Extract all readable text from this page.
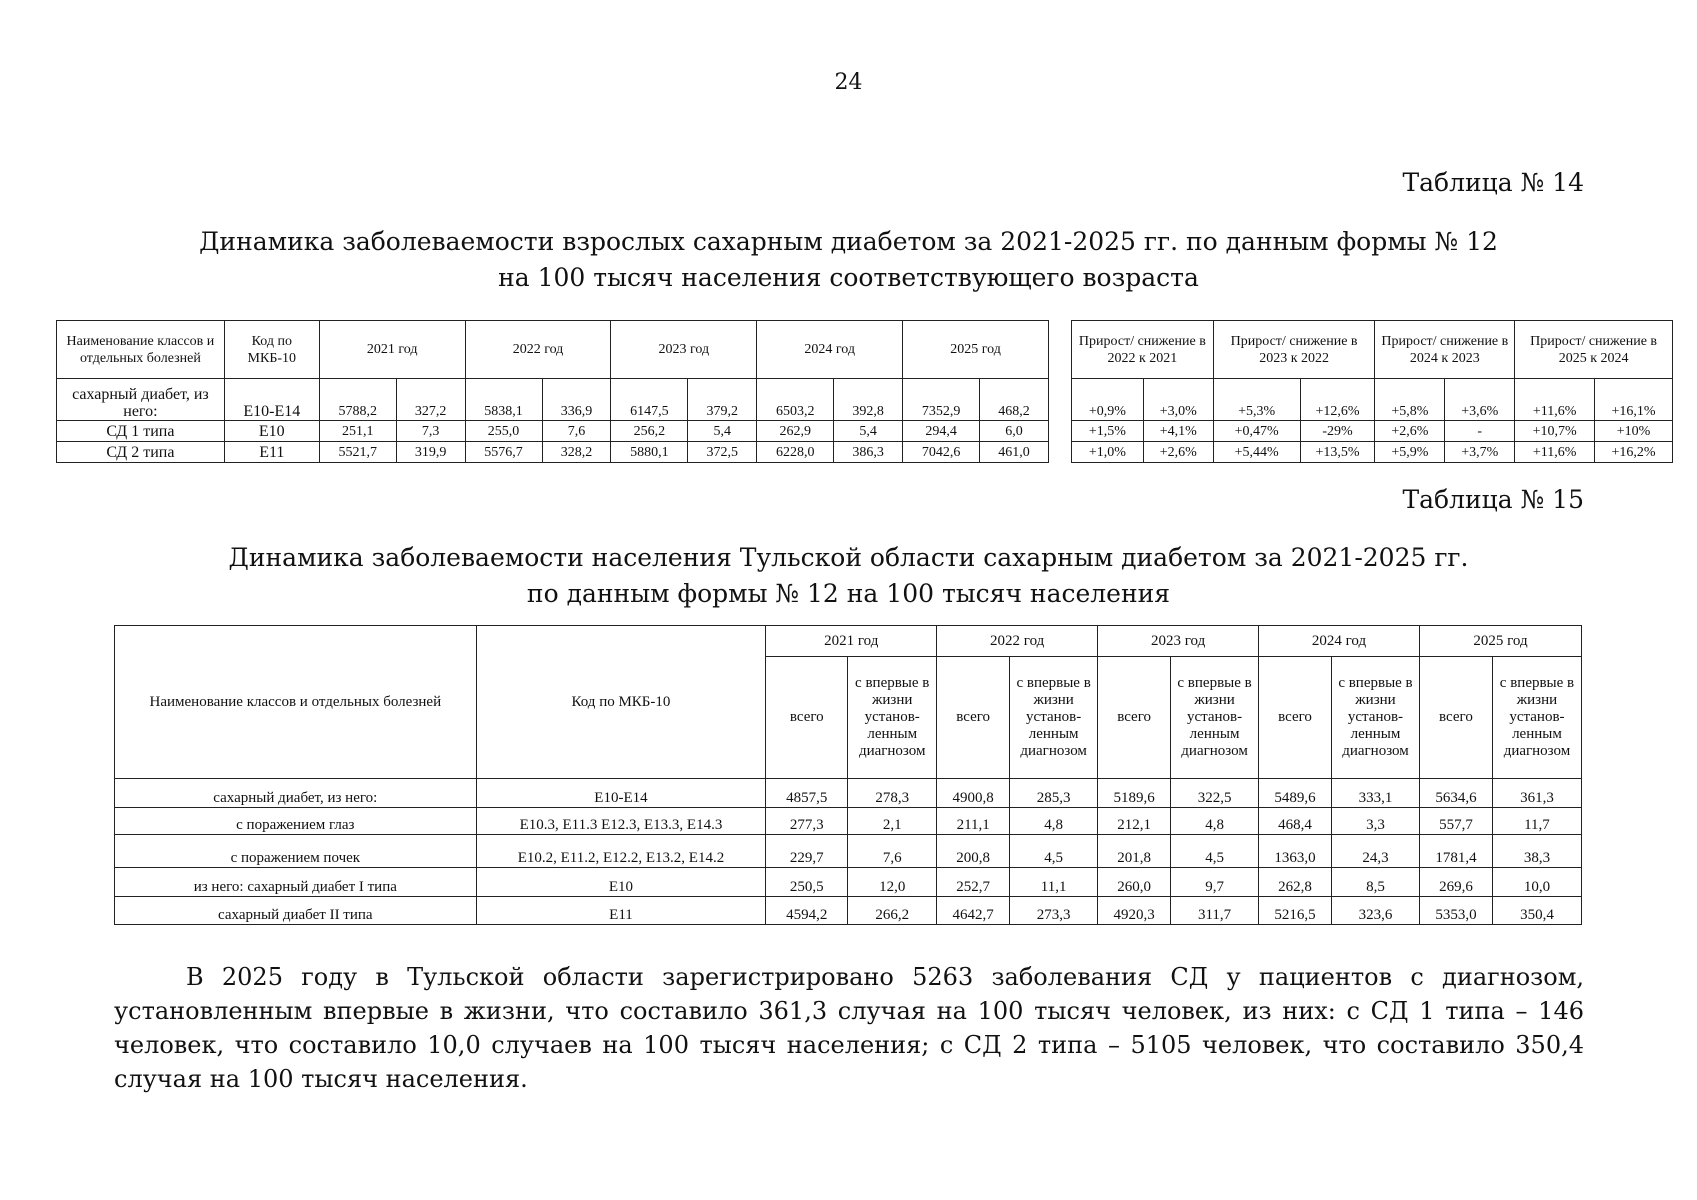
24
Таблица № 14
Динамика заболеваемости взрослых сахарным диабетом за 2021-2025 гг. по данным формы № 12
на 100 тысяч населения соответствующего возраста
Наименование классов и отдельных болезней	Код по МКБ-10	2021 год		2022 год		2023 год		2024 год		2025 год	
сахарный диабет, из него:	E10-E14	5788,2	327,2	5838,1	336,9	6147,5	379,2	6503,2	392,8	7352,9	468,2
СД 1 типа	E10	251,1	7,3	255,0	7,6	256,2	5,4	262,9	5,4	294,4	6,0
СД 2 типа	E11	5521,7	319,9	5576,7	328,2	5880,1	372,5	6228,0	386,3	7042,6	461,0
Прирост/ снижение в 2022 к 2021		Прирост/ снижение в 2023 к 2022		Прирост/ снижение в 2024 к 2023		Прирост/ снижение в 2025 к 2024	
+0,9%	+3,0%	+5,3%	+12,6%	+5,8%	+3,6%	+11,6%	+16,1%
+1,5%	+4,1%	+0,47%	-29%	+2,6%	-	+10,7%	+10%
+1,0%	+2,6%	+5,44%	+13,5%	+5,9%	+3,7%	+11,6%	+16,2%
Таблица № 15
Динамика заболеваемости населения Тульской области сахарным диабетом за 2021-2025 гг.
по данным формы № 12 на 100 тысяч населения
Наименование классов и отдельных болезней	Код по МКБ-10	2021 год		2022 год		2023 год		2024 год		2025 год	
		всего	с впервые в жизни установ-ленным диагнозом	всего	с впервые в жизни установ-ленным диагнозом	всего	с впервые в жизни установ-ленным диагнозом	всего	с впервые в жизни установ-ленным диагнозом	всего	с впервые в жизни установ-ленным диагнозом
сахарный диабет, из него:	E10-E14	4857,5	278,3	4900,8	285,3	5189,6	322,5	5489,6	333,1	5634,6	361,3
с поражением глаз	E10.3, E11.3 E12.3, E13.3, E14.3	277,3	2,1	211,1	4,8	212,1	4,8	468,4	3,3	557,7	11,7
с поражением почек	E10.2, E11.2, E12.2, E13.2, E14.2	229,7	7,6	200,8	4,5	201,8	4,5	1363,0	24,3	1781,4	38,3
из него: сахарный диабет I типа	E10	250,5	12,0	252,7	11,1	260,0	9,7	262,8	8,5	269,6	10,0
сахарный диабет II типа	E11	4594,2	266,2	4642,7	273,3	4920,3	311,7	5216,5	323,6	5353,0	350,4
В 2025 году в Тульской области зарегистрировано 5263 заболевания СД у пациентов с диагнозом, установленным впервые в жизни, что составило 361,3 случая на 100 тысяч человек, из них: с СД 1 типа – 146 человек, что составило 10,0 случаев на 100 тысяч населения; с СД 2 типа – 5105 человек, что составило 350,4 случая на 100 тысяч населения.
